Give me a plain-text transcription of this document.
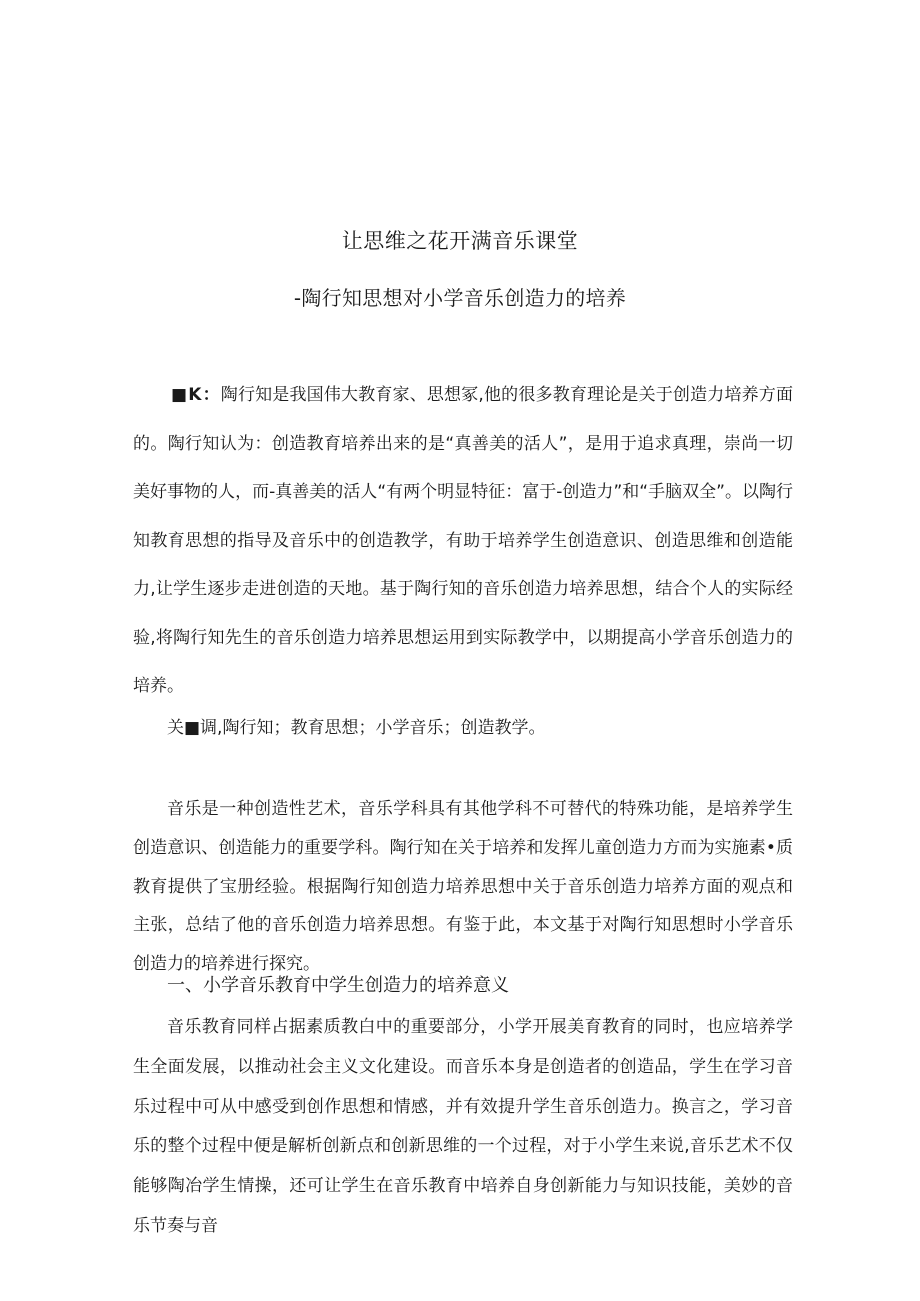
让思维之花开满音乐课堂
-陶行知思想对小学音乐创造力的培养
■K：陶行知是我国伟大教育家、思想冢,他的很多教育理论是关于创造力培养方面的。陶行知认为：创造教育培养出来的是“真善美的活人”，是用于追求真理，崇尚一切美好事物的人，而-真善美的活人“有两个明显特征：富于-创造力”和“手脑双全”。以陶行知教育思想的指导及音乐中的创造教学，有助于培养学生创造意识、创造思维和创造能力,让学生逐步走进创造的天地。基于陶行知的音乐创造力培养思想，结合个人的实际经验,将陶行知先生的音乐创造力培养思想运用到实际教学中，以期提高小学音乐创造力的培养。
关■调,陶行知；教育思想；小学音乐；创造教学。
音乐是一种创造性艺术，音乐学科具有其他学科不可替代的特殊功能，是培养学生创造意识、创造能力的重要学科。陶行知在关于培养和发挥儿童创造力方而为实施素•质教育提供了宝册经验。根据陶行知创造力培养思想中关于音乐创造力培养方面的观点和主张，总结了他的音乐创造力培养思想。有鉴于此，本文基于对陶行知思想时小学音乐创造力的培养进行探究。
一、小学音乐教育中学生创造力的培养意义
音乐教育同样占据素质教白中的重要部分，小学开展美育教育的同时，也应培养学生全面发展，以推动社会主义文化建设。而音乐本身是创造者的创造品，学生在学习音乐过程中可从中感受到创作思想和情感，并有效提升学生音乐创造力。换言之，学习音乐的整个过程中便是解析创新点和创新思维的一个过程，对于小学生来说,音乐艺术不仅能够陶冶学生情操，还可让学生在音乐教育中培养自身创新能力与知识技能，美妙的音乐节奏与音
